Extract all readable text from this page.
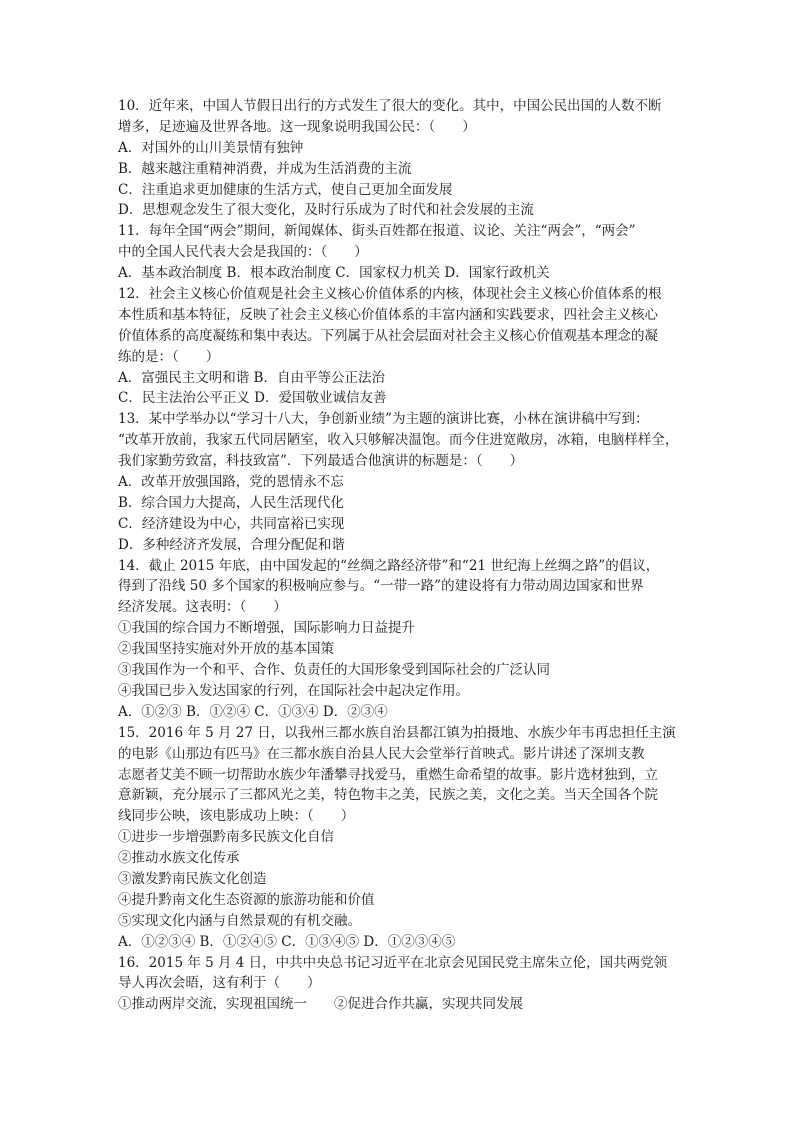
10．近年来，中国人节假日出行的方式发生了很大的变化。其中，中国公民出国的人数不断
增多，足迹遍及世界各地。这一现象说明我国公民：（　　）
A．对国外的山川美景情有独钟
B．越来越注重精神消费，并成为生活消费的主流
C．注重追求更加健康的生活方式，使自己更加全面发展
D．思想观念发生了很大变化，及时行乐成为了时代和社会发展的主流
11．每年全国“两会”期间，新闻媒体、街头百姓都在报道、议论、关注“两会”，“两会”
中的全国人民代表大会是我国的：（　　）
A．基本政治制度 B．根本政治制度 C．国家权力机关 D．国家行政机关
12．社会主义核心价值观是社会主义核心价值体系的内核，体现社会主义核心价值体系的根
本性质和基本特征，反映了社会主义核心价值体系的丰富内涵和实践要求，四社会主义核心
价值体系的高度凝练和集中表达。下列属于从社会层面对社会主义核心价值观基本理念的凝
练的是：（　　）
A．富强民主文明和谐 B．自由平等公正法治
C．民主法治公平正义 D．爱国敬业诚信友善
13．某中学举办以“学习十八大，争创新业绩”为主题的演讲比赛，小林在演讲稿中写到：
“改革开放前，我家五代同居陋室，收入只够解决温饱。而今住进宽敞房，冰箱，电脑样样全，
我们家勤劳致富，科技致富”．下列最适合他演讲的标题是：（　　）
A．改革开放强国路，党的恩情永不忘
B．综合国力大提高，人民生活现代化
C．经济建设为中心，共同富裕已实现
D．多种经济齐发展，合理分配促和谐
14．截止 2015 年底，由中国发起的“丝绸之路经济带”和“21 世纪海上丝绸之路”的倡议，
得到了沿线 50 多个国家的积极响应参与。“一带一路”的建设将有力带动周边国家和世界
经济发展。这表明：（　　）
①我国的综合国力不断增强，国际影响力日益提升
②我国坚持实施对外开放的基本国策
③我国作为一个和平、合作、负责任的大国形象受到国际社会的广泛认同
④我国已步入发达国家的行列，在国际社会中起决定作用。
A．①②③ B．①②④ C．①③④ D．②③④
15．2016 年 5 月 27 日，以我州三都水族自治县都江镇为拍摄地、水族少年韦再忠担任主演
的电影《山那边有匹马》在三都水族自治县人民大会堂举行首映式。影片讲述了深圳支教
志愿者艾美不顾一切帮助水族少年潘攀寻找爱马，重燃生命希望的故事。影片选材独到，立
意新颖，充分展示了三都风光之美，特色物丰之美，民族之美，文化之美。当天全国各个院
线同步公映，该电影成功上映：（　　）
①进步一步增强黔南多民族文化自信
②推动水族文化传承
③激发黔南民族文化创造
④提升黔南文化生态资源的旅游功能和价值
⑤实现文化内涵与自然景观的有机交融。
A．①②③④ B．①②④⑤ C．①③④⑤ D．①②③④⑤
16．2015 年 5 月 4 日，中共中央总书记习近平在北京会见国民党主席朱立伦，国共两党领
导人再次会晤，这有利于（　　）
①推动两岸交流，实现祖国统一　　②促进合作共赢，实现共同发展
